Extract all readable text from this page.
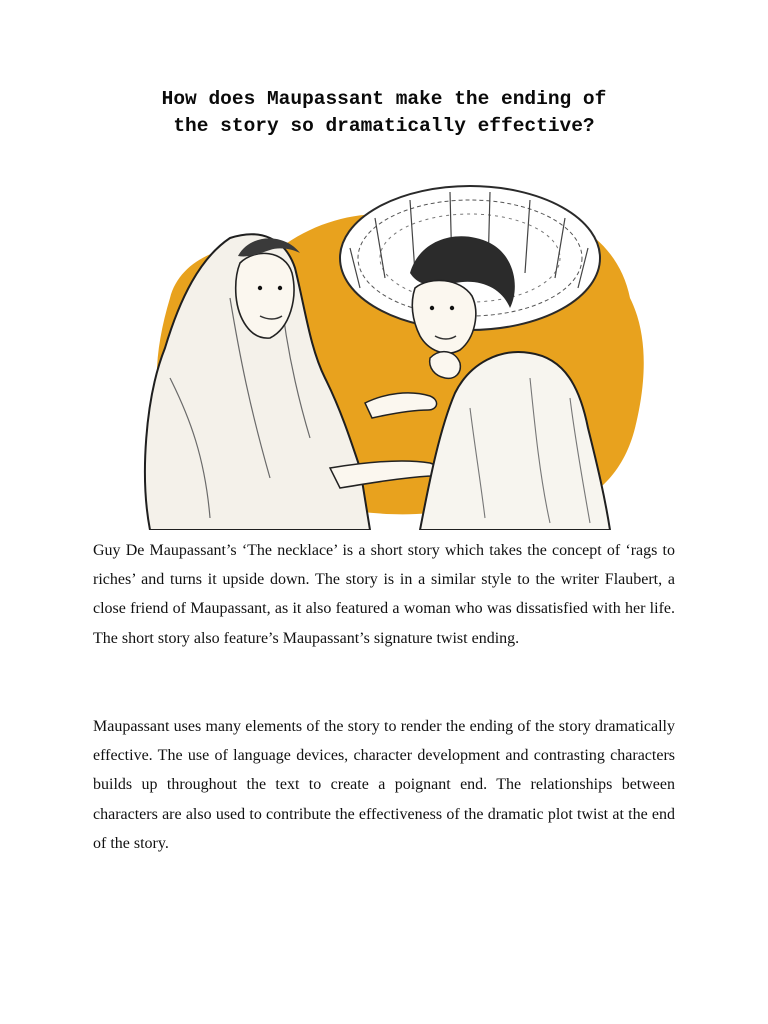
How does Maupassant make the ending of
the story so dramatically effective?

Guy De Maupassant’s ‘The necklace’ is a short story which takes the concept of ‘rags to riches’ and turns it upside down. The story is in a similar style to the writer Flaubert, a close friend of Maupassant, as it also featured a woman who was dissatisfied with her life. The short story also feature’s Maupassant’s signature twist ending.

Maupassant uses many elements of the story to render the ending of the story dramatically effective. The use of language devices, character development and contrasting characters builds up throughout the text to create a poignant end. The relationships between characters are also used to contribute the effectiveness of the dramatic plot twist at the end of the story.
